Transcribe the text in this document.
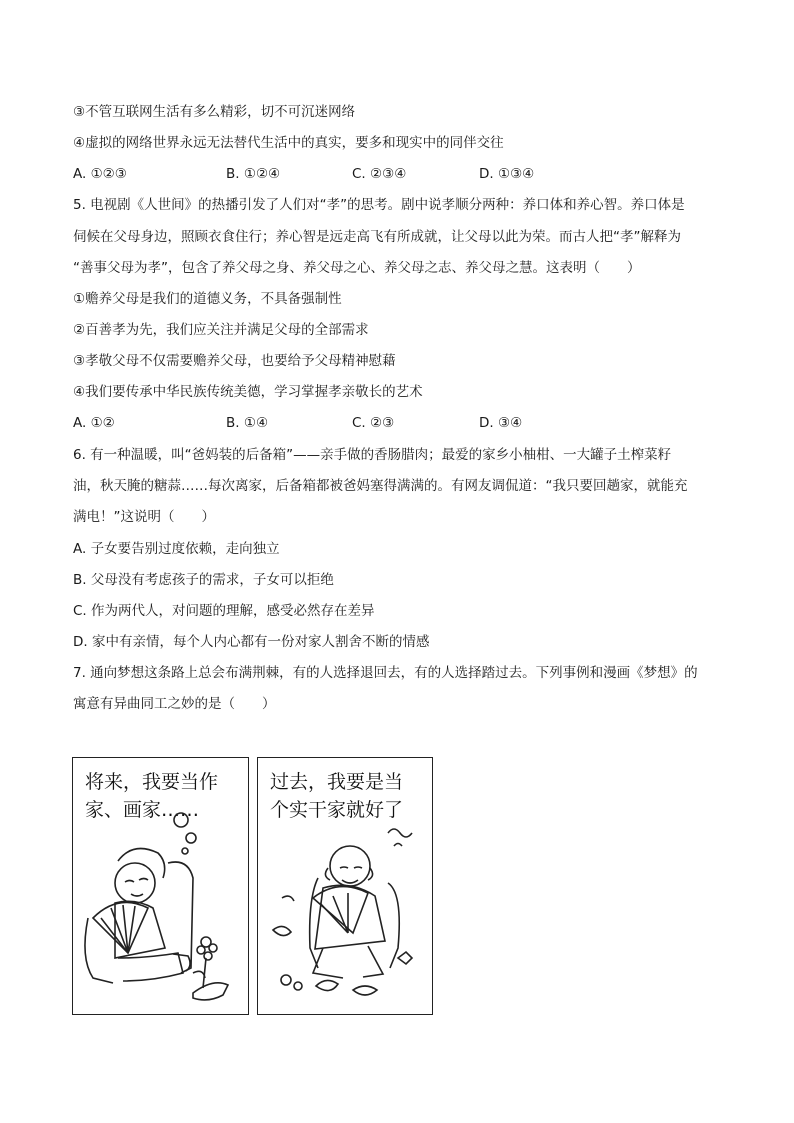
③不管互联网生活有多么精彩，切不可沉迷网络
④虚拟的网络世界永远无法替代生活中的真实，要多和现实中的同伴交往
A. ①②③	B. ①②④	C. ②③④	D. ①③④
5. 电视剧《人世间》的热播引发了人们对“孝”的思考。剧中说孝顺分两种：养口体和养心智。养口体是
伺候在父母身边，照顾衣食住行；养心智是远走高飞有所成就，让父母以此为荣。而古人把“孝”解释为
“善事父母为孝”，包含了养父母之身、养父母之心、养父母之志、养父母之慧。这表明（　　）
①赡养父母是我们的道德义务，不具备强制性
②百善孝为先，我们应关注并满足父母的全部需求
③孝敬父母不仅需要赡养父母，也要给予父母精神慰藉
④我们要传承中华民族传统美德，学习掌握孝亲敬长的艺术
A. ①②	B. ①④	C. ②③	D. ③④
6. 有一种温暖，叫“爸妈装的后备箱”——亲手做的香肠腊肉；最爱的家乡小柚柑、一大罐子土榨菜籽
油，秋天腌的糖蒜……每次离家，后备箱都被爸妈塞得满满的。有网友调侃道：“我只要回趟家，就能充
满电！”这说明（　　）
A. 子女要告别过度依赖，走向独立
B. 父母没有考虑孩子的需求，子女可以拒绝
C. 作为两代人，对问题的理解，感受必然存在差异
D. 家中有亲情，每个人内心都有一份对家人割舍不断的情感
7. 通向梦想这条路上总会布满荆棘，有的人选择退回去，有的人选择踏过去。下列事例和漫画《梦想》的
寓意有异曲同工之妙的是（　　）
将来，我要当作
家、画家……
过去，我要是当
个实干家就好了
